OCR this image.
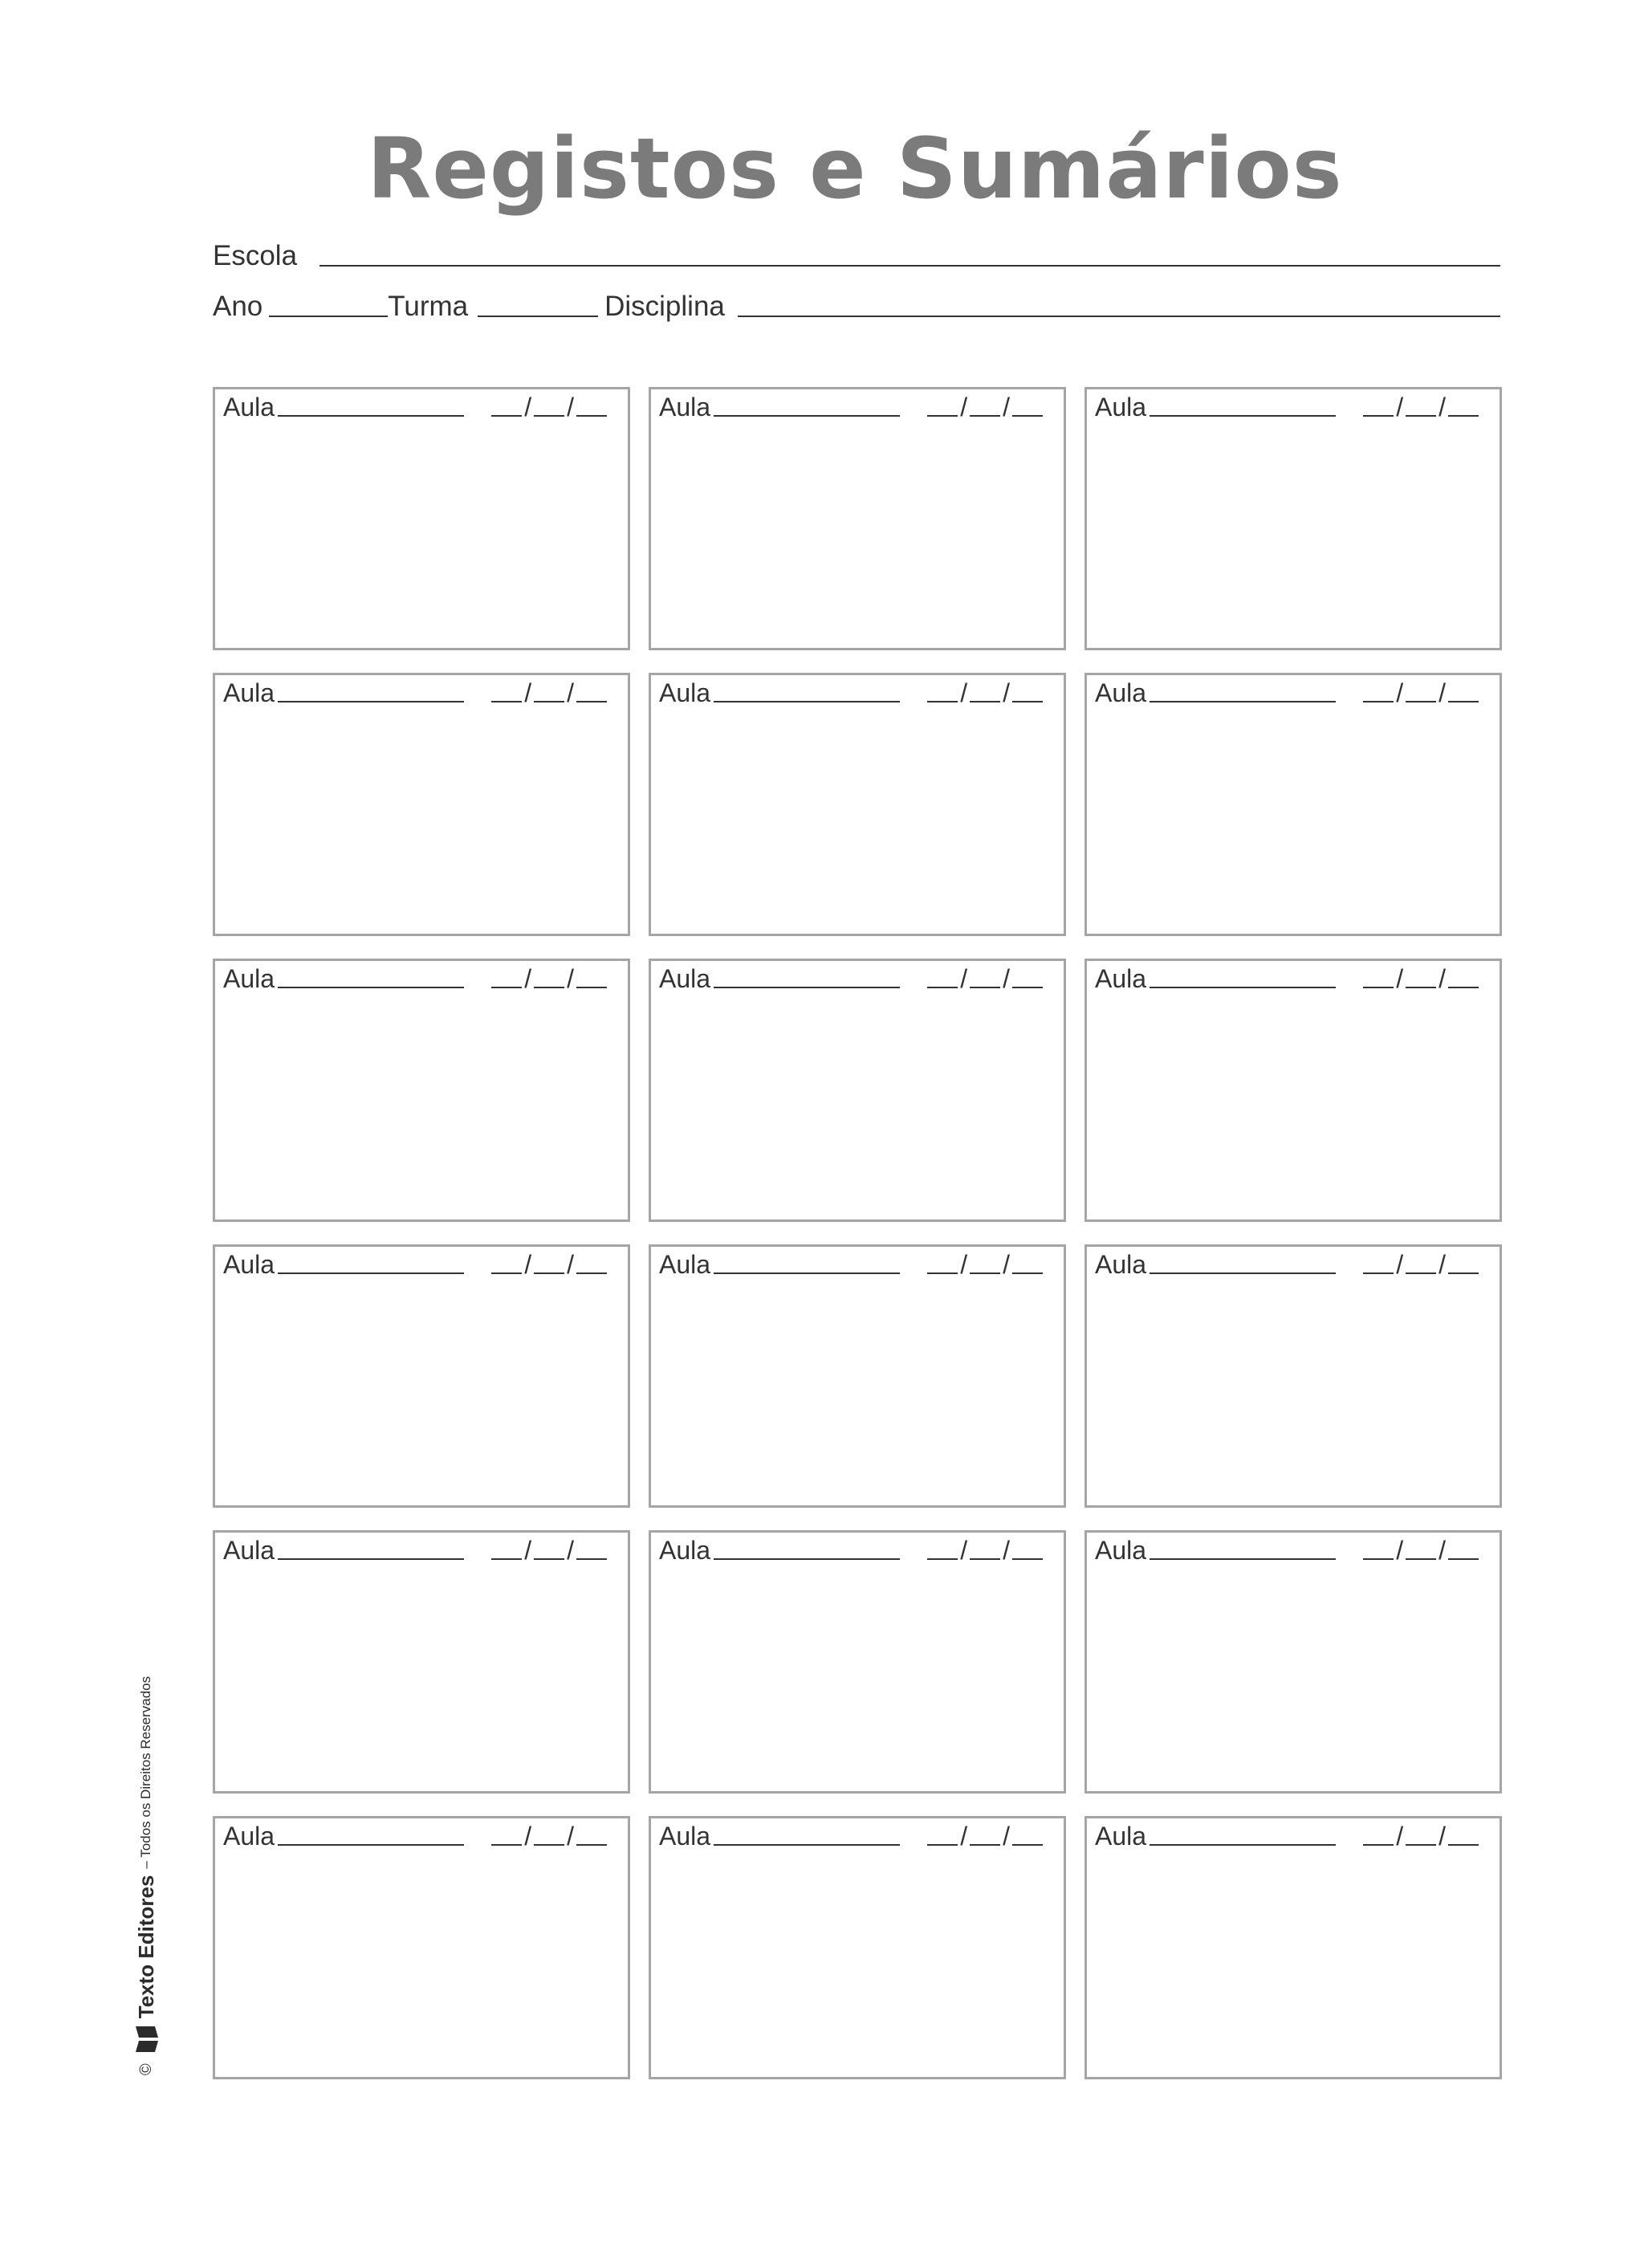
Registos e Sumários
Escola
Ano	Turma	Disciplina
Aula	/ /	Aula	/ /	Aula	/ /
Aula	/ /	Aula	/ /	Aula	/ /
Aula	/ /	Aula	/ /	Aula	/ /
Aula	/ /	Aula	/ /	Aula	/ /
Aula	/ /	Aula	/ /	Aula	/ /
Aula	/ /	Aula	/ /	Aula	/ /
©
Texto Editores
– Todos os Direitos Reservados
